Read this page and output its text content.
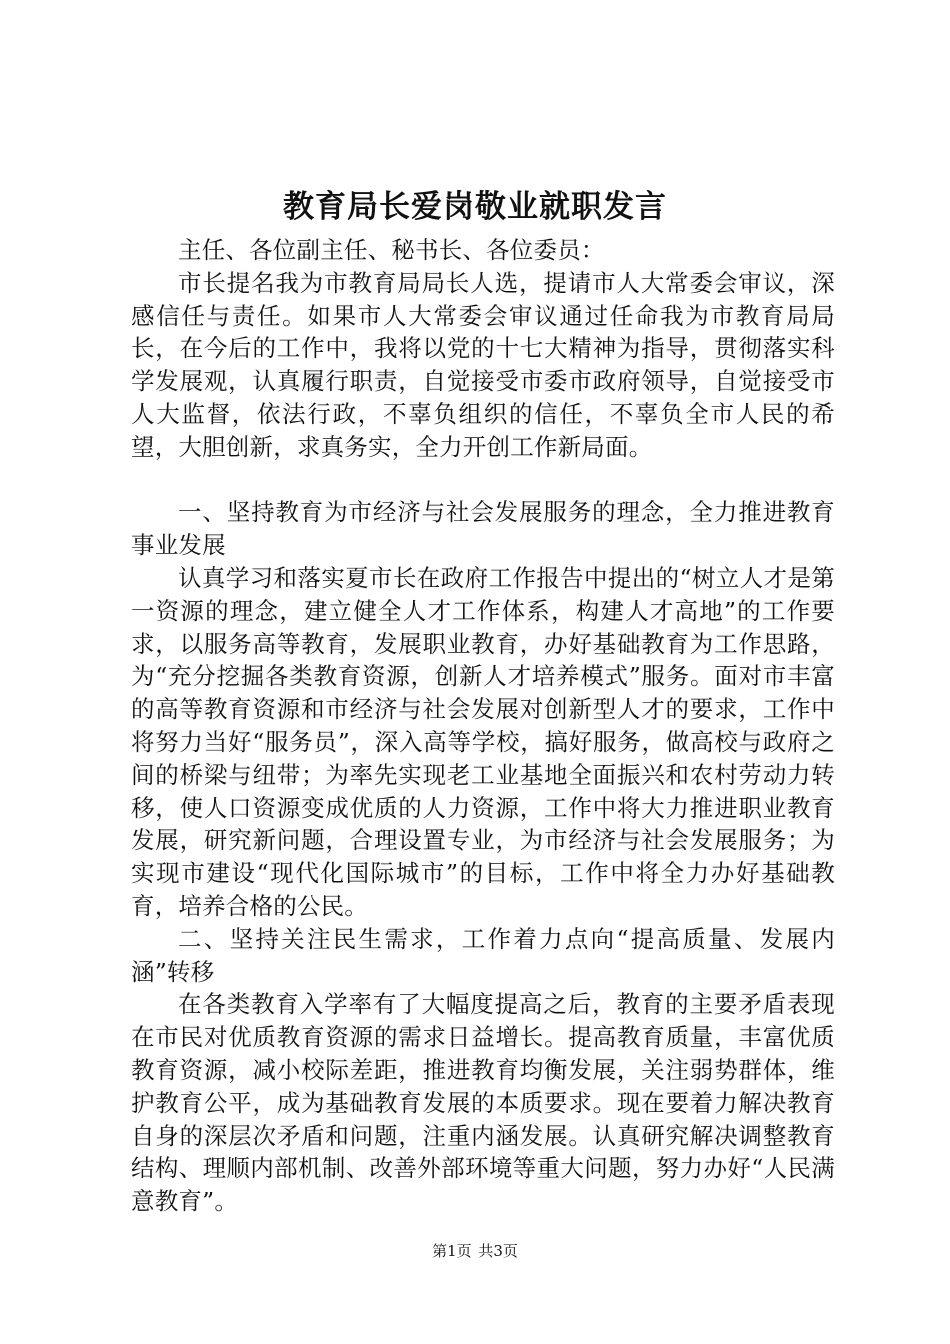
教育局长爱岗敬业就职发言

主任、各位副主任、秘书长、各位委员：

市长提名我为市教育局局长人选，提请市人大常委会审议，深感信任与责任。如果市人大常委会审议通过任命我为市教育局局长，在今后的工作中，我将以党的十七大精神为指导，贯彻落实科学发展观，认真履行职责，自觉接受市委市政府领导，自觉接受市人大监督，依法行政，不辜负组织的信任，不辜负全市人民的希望，大胆创新，求真务实，全力开创工作新局面。

一、坚持教育为市经济与社会发展服务的理念，全力推进教育事业发展

认真学习和落实夏市长在政府工作报告中提出的“树立人才是第一资源的理念，建立健全人才工作体系，构建人才高地”的工作要求，以服务高等教育，发展职业教育，办好基础教育为工作思路，为“充分挖掘各类教育资源，创新人才培养模式”服务。面对市丰富的高等教育资源和市经济与社会发展对创新型人才的要求，工作中将努力当好“服务员”，深入高等学校，搞好服务，做高校与政府之间的桥梁与纽带；为率先实现老工业基地全面振兴和农村劳动力转移，使人口资源变成优质的人力资源，工作中将大力推进职业教育发展，研究新问题，合理设置专业，为市经济与社会发展服务；为实现市建设“现代化国际城市”的目标，工作中将全力办好基础教育，培养合格的公民。

二、坚持关注民生需求，工作着力点向“提高质量、发展内涵”转移

在各类教育入学率有了大幅度提高之后，教育的主要矛盾表现在市民对优质教育资源的需求日益增长。提高教育质量，丰富优质教育资源，减小校际差距，推进教育均衡发展，关注弱势群体，维护教育公平，成为基础教育发展的本质要求。现在要着力解决教育自身的深层次矛盾和问题，注重内涵发展。认真研究解决调整教育结构、理顺内部机制、改善外部环境等重大问题，努力办好“人民满意教育”。

第1页 共3页
